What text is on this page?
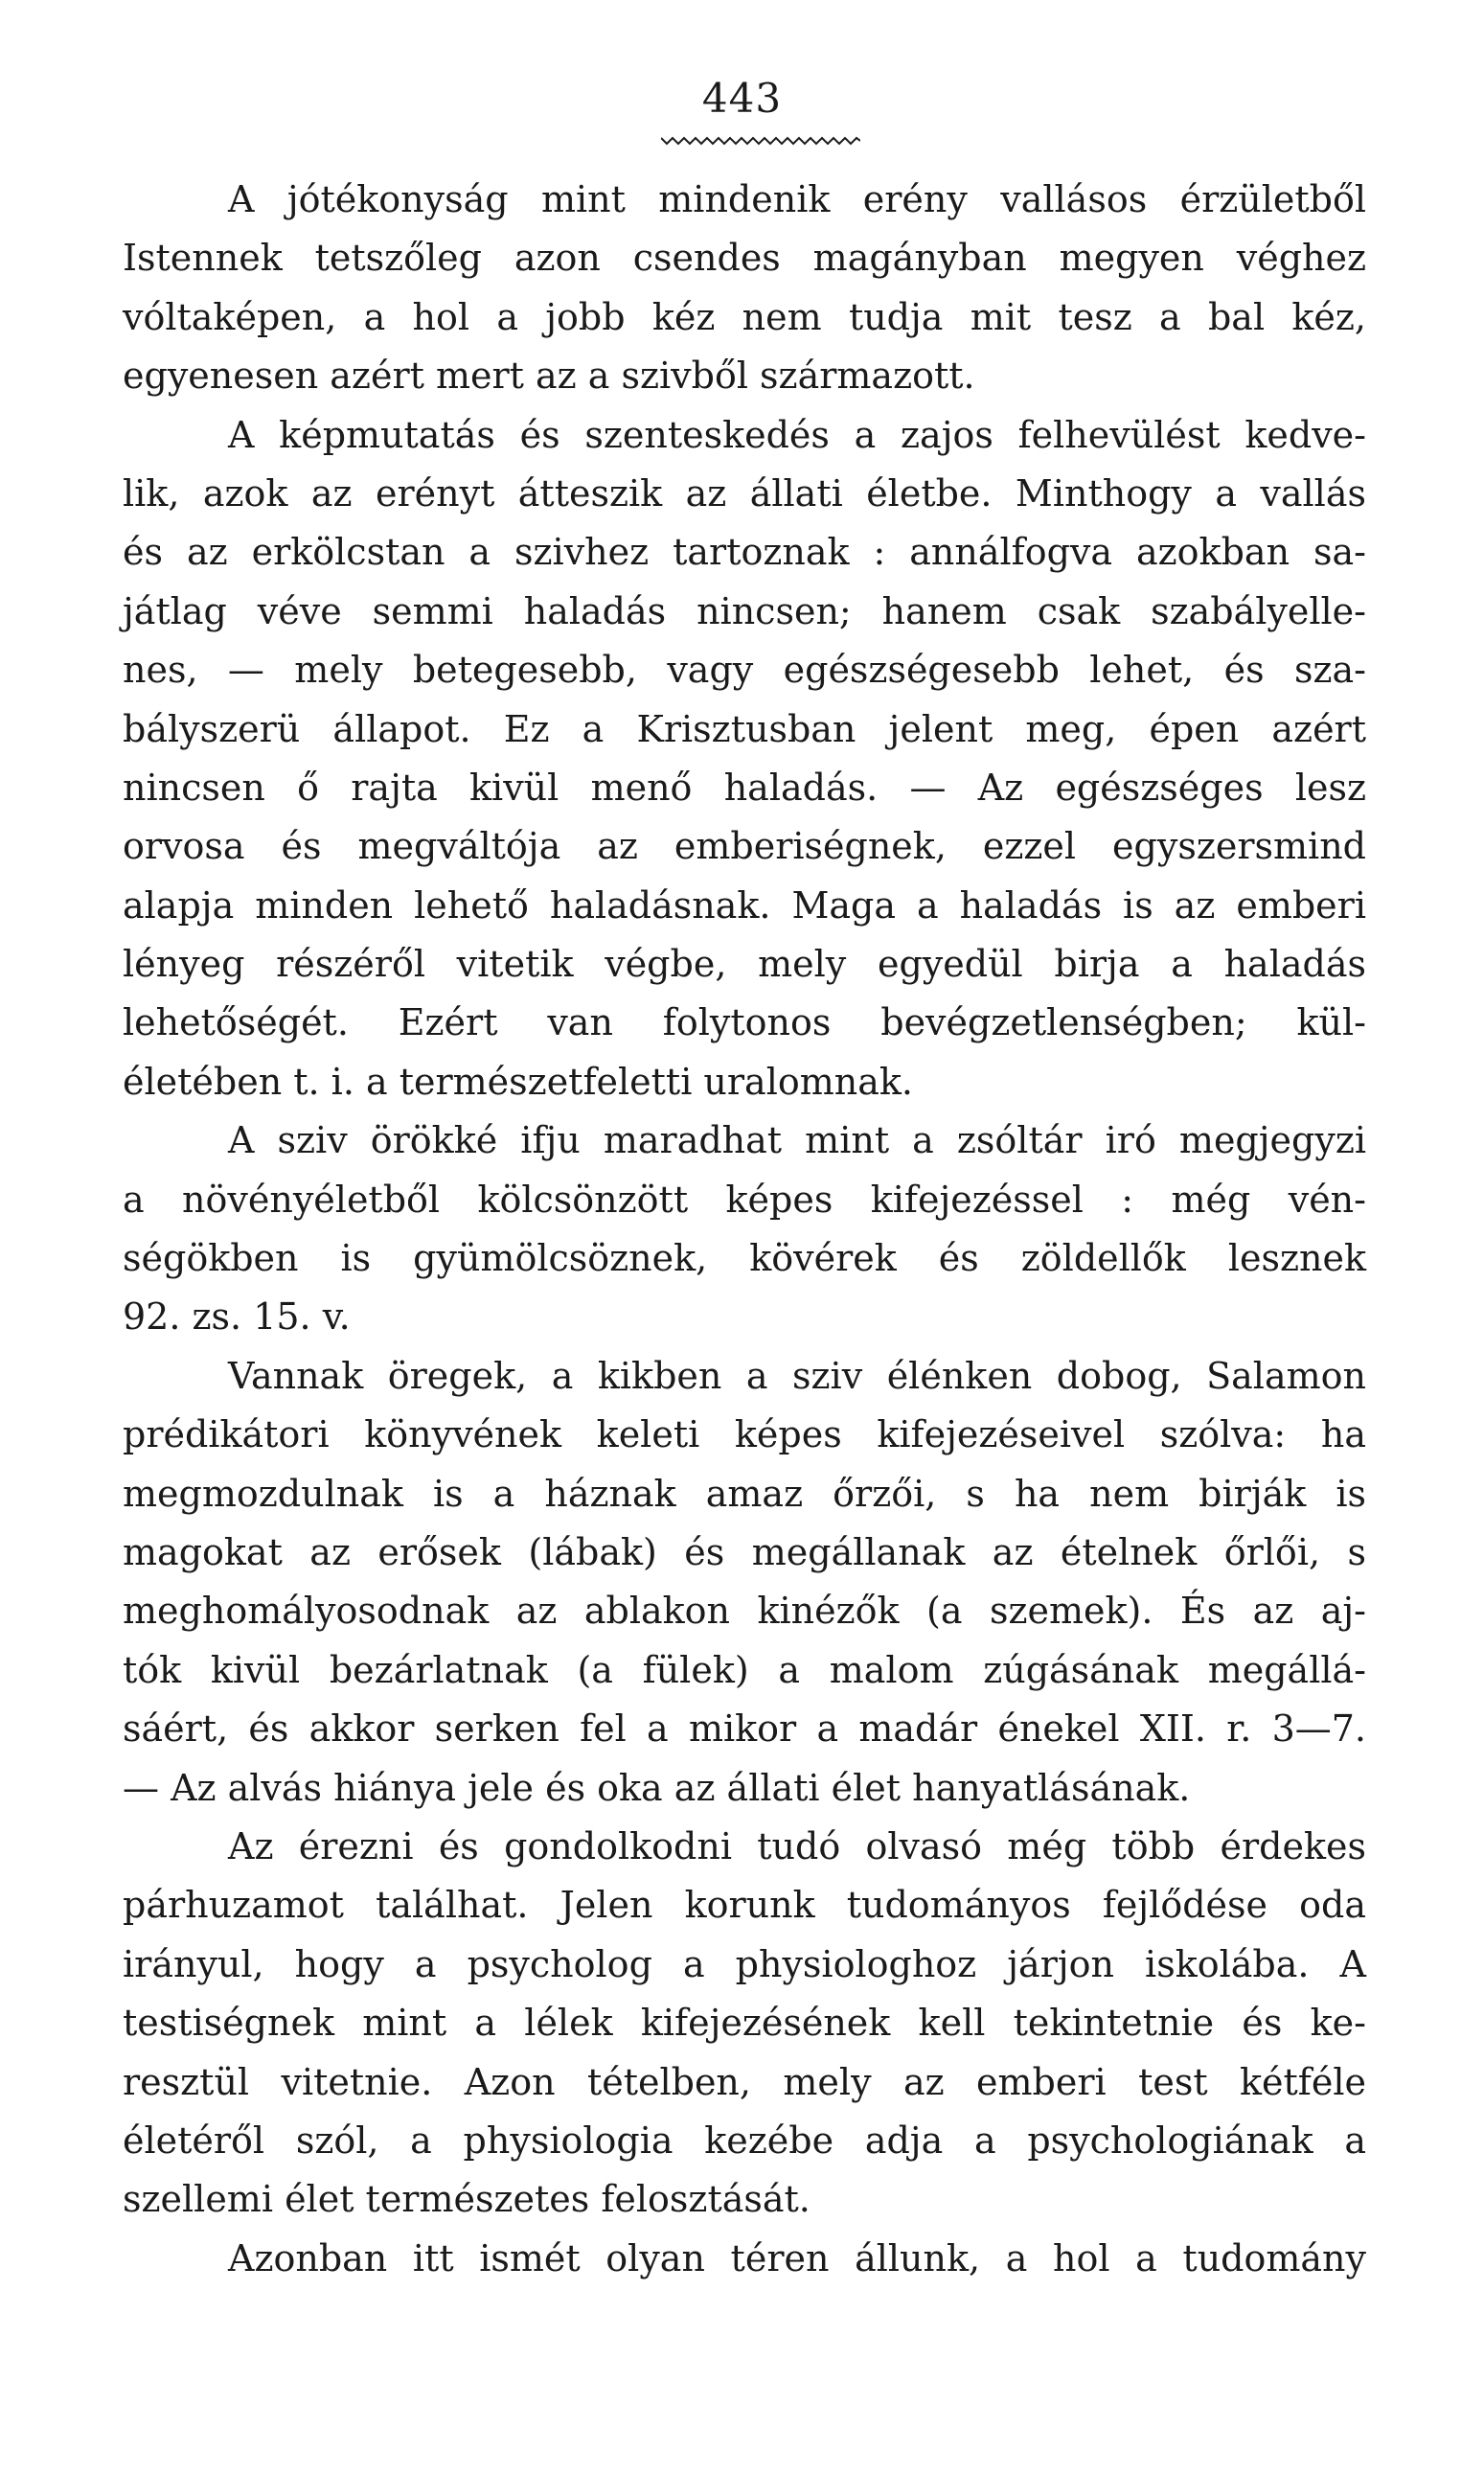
443
A jótékonyság mint mindenik erény vallásos érzületből
Istennek tetszőleg azon csendes magányban megyen véghez
vóltaképen, a hol a jobb kéz nem tudja mit tesz a bal kéz,
egyenesen azért mert az a szivből származott.
A képmutatás és szenteskedés a zajos felhevülést kedve-
lik, azok az erényt átteszik az állati életbe. Minthogy a vallás
és az erkölcstan a szivhez tartoznak : annálfogva azokban sa-
játlag véve semmi haladás nincsen; hanem csak szabályelle-
nes, — mely betegesebb, vagy egészségesebb lehet, és sza-
bályszerü állapot. Ez a Krisztusban jelent meg, épen azért
nincsen ő rajta kivül menő haladás. — Az egészséges lesz
orvosa és megváltója az emberiségnek, ezzel egyszersmind
alapja minden lehető haladásnak. Maga a haladás is az emberi
lényeg részéről vitetik végbe, mely egyedül birja a haladás
lehetőségét. Ezért van folytonos bevégzetlenségben; kül-
életében t. i. a természetfeletti uralomnak.
A sziv örökké ifju maradhat mint a zsóltár iró megjegyzi
a növényéletből kölcsönzött képes kifejezéssel : még vén-
ségökben is gyümölcsöznek, kövérek és zöldellők lesznek
92. zs. 15. v.
Vannak öregek, a kikben a sziv élénken dobog, Salamon
prédikátori könyvének keleti képes kifejezéseivel szólva: ha
megmozdulnak is a háznak amaz őrzői, s ha nem birják is
magokat az erősek (lábak) és megállanak az ételnek őrlői, s
meghomályosodnak az ablakon kinézők (a szemek). És az aj-
tók kivül bezárlatnak (a fülek) a malom zúgásának megállá-
sáért, és akkor serken fel a mikor a madár énekel XII. r. 3—7.
— Az alvás hiánya jele és oka az állati élet hanyatlásának.
Az érezni és gondolkodni tudó olvasó még több érdekes
párhuzamot találhat. Jelen korunk tudományos fejlődése oda
irányul, hogy a psycholog a physiologhoz járjon iskolába. A
testiségnek mint a lélek kifejezésének kell tekintetnie és ke-
resztül vitetnie. Azon tételben, mely az emberi test kétféle
életéről szól, a physiologia kezébe adja a psychologiának a
szellemi élet természetes felosztását.
Azonban itt ismét olyan téren állunk, a hol a tudomány
